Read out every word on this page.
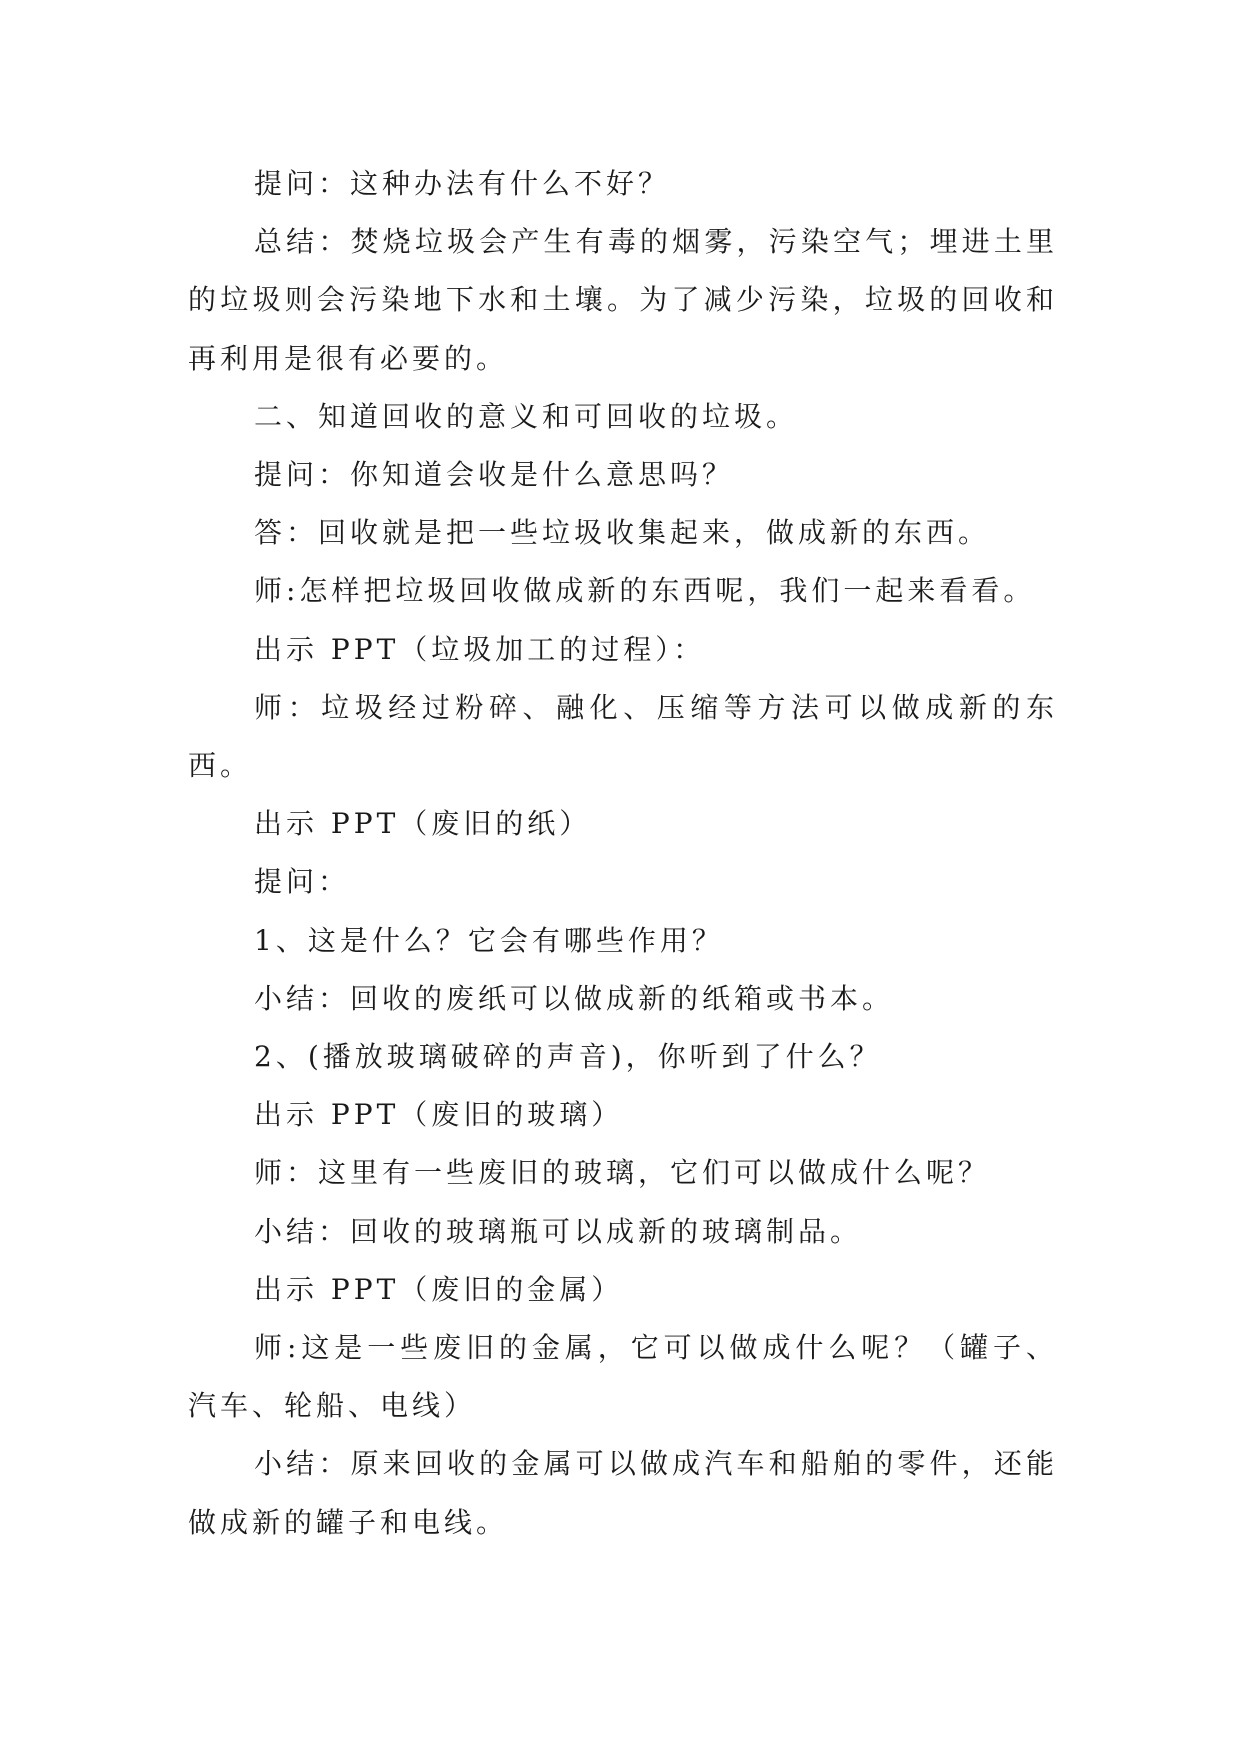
提问：这种办法有什么不好？

总结：焚烧垃圾会产生有毒的烟雾，污染空气；埋进土里的垃圾则会污染地下水和土壤。为了减少污染，垃圾的回收和再利用是很有必要的。

二、知道回收的意义和可回收的垃圾。

提问：你知道会收是什么意思吗？

答：回收就是把一些垃圾收集起来，做成新的东西。

师:怎样把垃圾回收做成新的东西呢，我们一起来看看。

出示 PPT（垃圾加工的过程）：

师：垃圾经过粉碎、融化、压缩等方法可以做成新的东西。

出示 PPT（废旧的纸）

提问：

1、这是什么？它会有哪些作用？

小结：回收的废纸可以做成新的纸箱或书本。

2、(播放玻璃破碎的声音)，你听到了什么？

出示 PPT（废旧的玻璃）

师：这里有一些废旧的玻璃，它们可以做成什么呢？

小结：回收的玻璃瓶可以成新的玻璃制品。

出示 PPT（废旧的金属）

师:这是一些废旧的金属，它可以做成什么呢？（罐子、汽车、轮船、电线）

小结：原来回收的金属可以做成汽车和船舶的零件，还能做成新的罐子和电线。
